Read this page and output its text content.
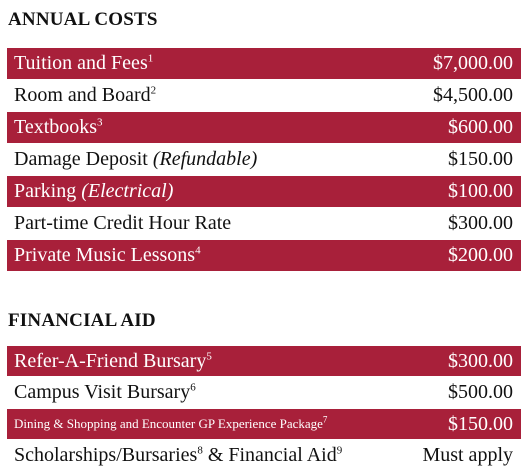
ANNUAL COSTS
Tuition and Fees$^1$	$7,000.00
Room and Board$^2$	$4,500.00
Textbooks$^3$	$600.00
Damage Deposit (Refundable)	$150.00
Parking (Electrical)	$100.00
Part-time Credit Hour Rate	$300.00
Private Music Lessons$^4$	$200.00
FINANCIAL AID
Refer-A-Friend Bursary$^5$	$300.00
Campus Visit Bursary$^6$	$500.00
Dining & Shopping and Encounter GP Experience Package$^7$	$150.00
Scholarships/Bursaries$^8$ & Financial Aid$^9$	Must apply
